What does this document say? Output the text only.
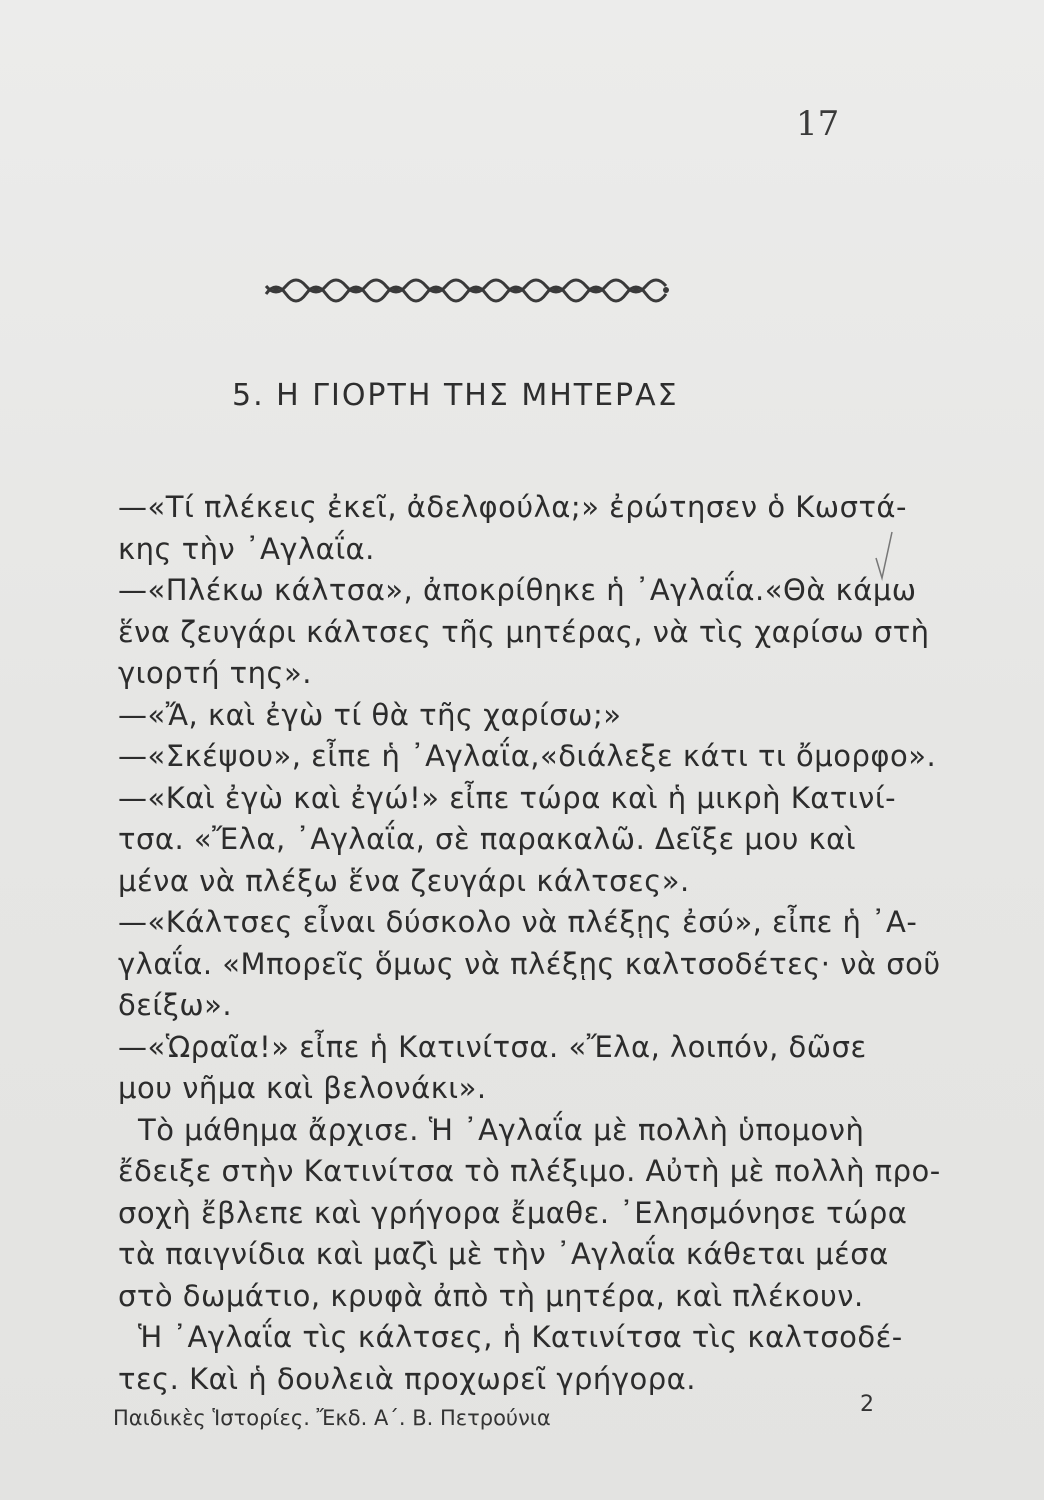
17
5. Η ΓΙΟΡΤΗ ΤΗΣ ΜΗΤΕΡΑΣ
—«Τί πλέκεις ἐκεῖ, ἀδελφούλα;» ἐρώτησεν ὁ Κωστά-
κης τὴν ᾿Αγλαΐα.
—«Πλέκω κάλτσα», ἀποκρίθηκε ἡ ᾿Αγλαΐα.«Θὰ κάμω
ἕνα ζευγάρι κάλτσες τῆς μητέρας, νὰ τὶς χαρίσω στὴ
γιορτή της».
—«Ἄ, καὶ ἐγὼ τί θὰ τῆς χαρίσω;»
—«Σκέψου», εἶπε ἡ ᾿Αγλαΐα,«διάλεξε κάτι τι ὄμορφο».
—«Καὶ ἐγὼ καὶ ἐγώ!» εἶπε τώρα καὶ ἡ μικρὴ Κατινί-
τσα. «Ἔλα, ᾿Αγλαΐα, σὲ παρακαλῶ. Δεῖξε μου καὶ
μένα νὰ πλέξω ἕνα ζευγάρι κάλτσες».
—«Κάλτσες εἶναι δύσκολο νὰ πλέξῃς ἐσύ», εἶπε ἡ ᾿Α-
γλαΐα. «Μπορεῖς ὅμως νὰ πλέξῃς καλτσοδέτες· νὰ σοῦ
δείξω».
—«Ὡραῖα!» εἶπε ἡ Κατινίτσα. «Ἔλα, λοιπόν, δῶσε
μου νῆμα καὶ βελονάκι».
Τὸ μάθημα ἄρχισε. Ἡ ᾿Αγλαΐα μὲ πολλὴ ὑπομονὴ
ἔδειξε στὴν Κατινίτσα τὸ πλέξιμο. Αὐτὴ μὲ πολλὴ προ-
σοχὴ ἔβλεπε καὶ γρήγορα ἔμαθε. ᾿Ελησμόνησε τώρα
τὰ παιγνίδια καὶ μαζὶ μὲ τὴν ᾿Αγλαΐα κάθεται μέσα
στὸ δωμάτιο, κρυφὰ ἀπὸ τὴ μητέρα, καὶ πλέκουν.
Ἡ ᾿Αγλαΐα τὶς κάλτσες, ἡ Κατινίτσα τὶς καλτσοδέ-
τες. Καὶ ἡ δουλειὰ προχωρεῖ γρήγορα.
Παιδικὲς Ἱστορίες. Ἔκδ. Α΄. Β. Πετρούνια
2
